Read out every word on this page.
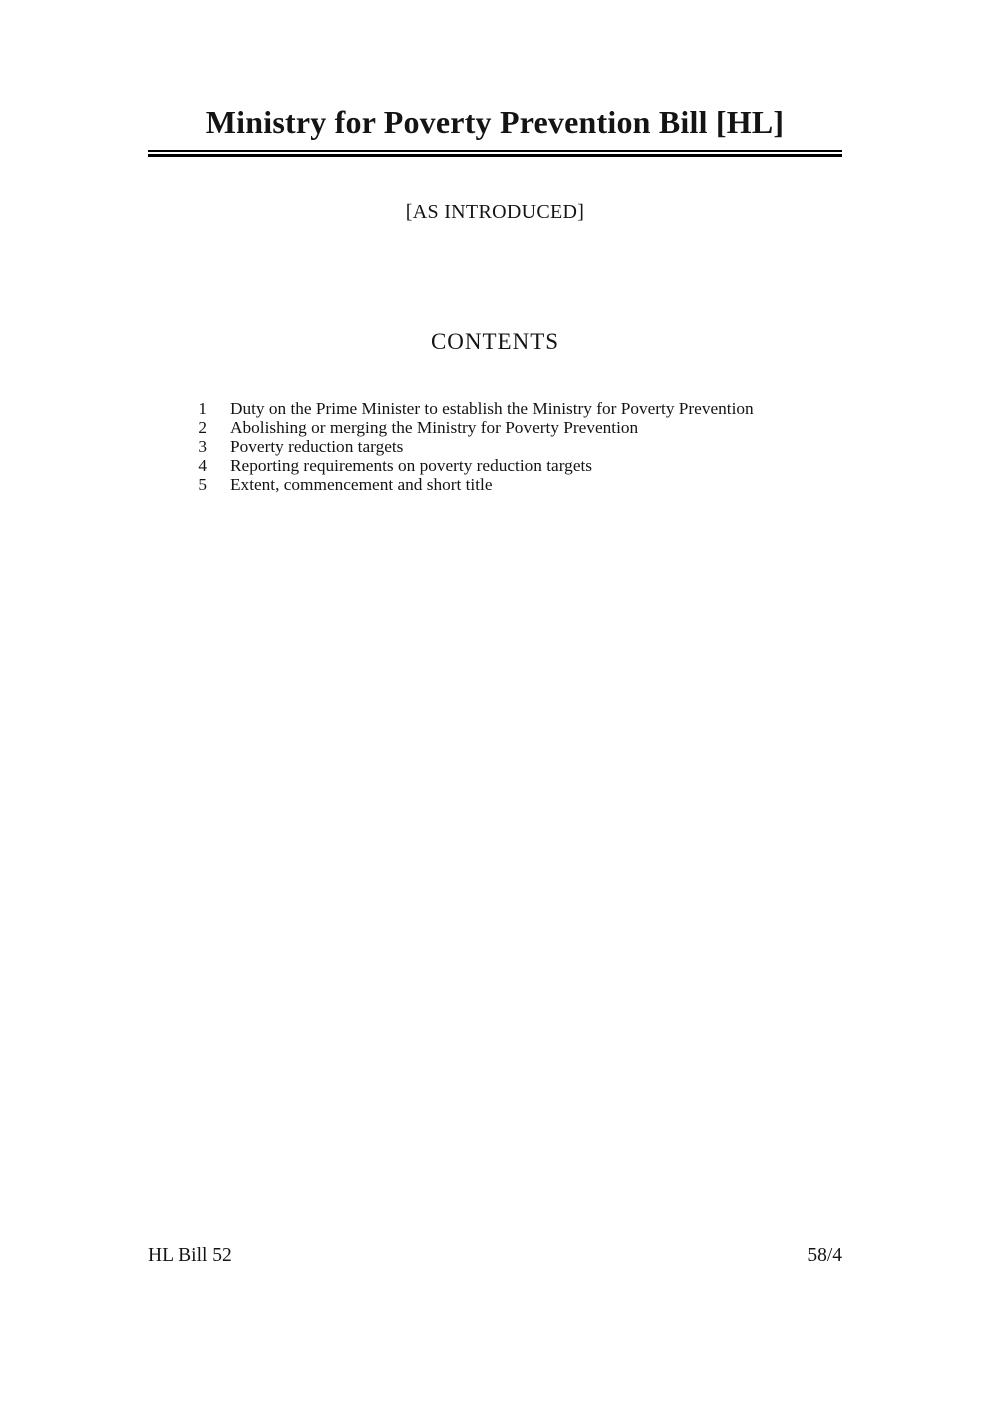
Ministry for Poverty Prevention Bill [HL]
[AS INTRODUCED]
CONTENTS
1	Duty on the Prime Minister to establish the Ministry for Poverty Prevention
2	Abolishing or merging the Ministry for Poverty Prevention
3	Poverty reduction targets
4	Reporting requirements on poverty reduction targets
5	Extent, commencement and short title
HL Bill 52	58/4
